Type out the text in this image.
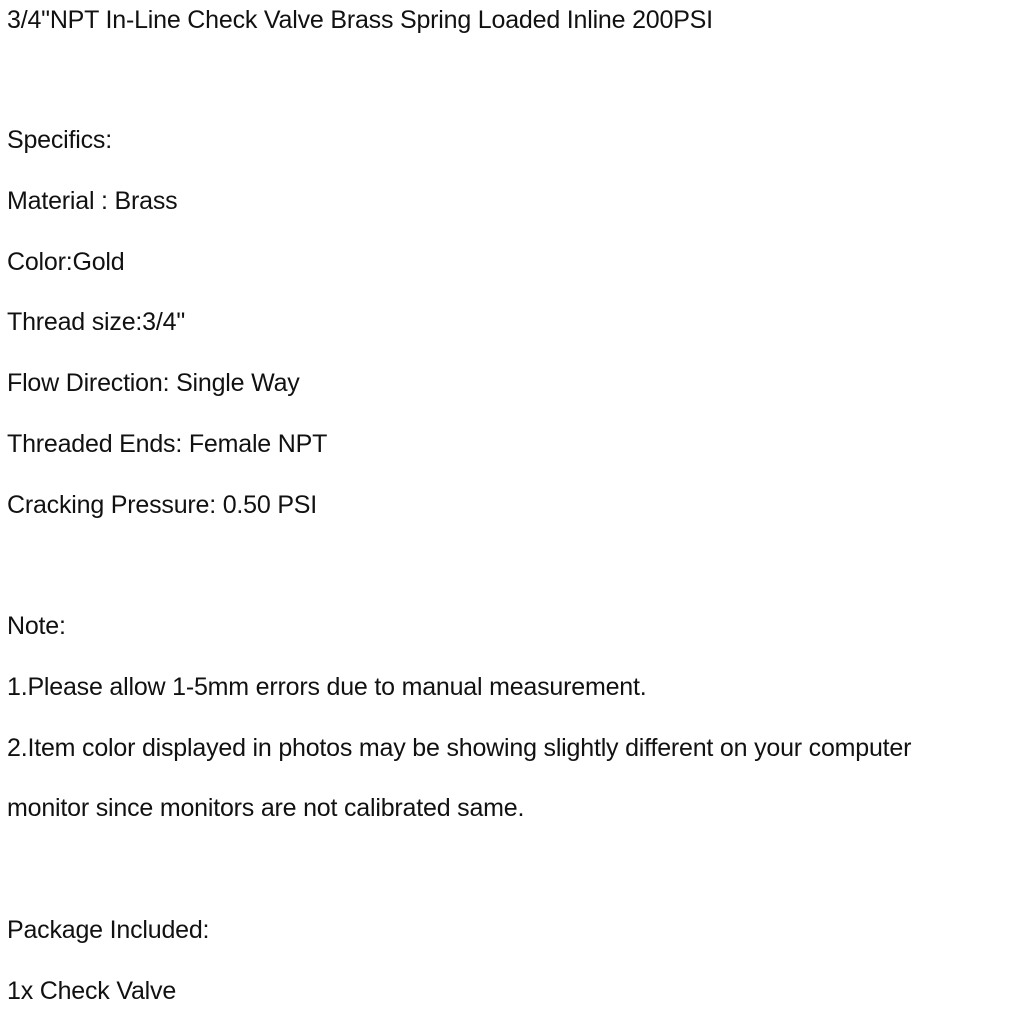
3/4"NPT In-Line Check Valve Brass Spring Loaded Inline 200PSI
Specifics:
Material : Brass
Color:Gold
Thread size:3/4"
Flow Direction: Single Way
Threaded Ends: Female NPT
Cracking Pressure: 0.50 PSI
Note:
1.Please allow 1-5mm errors due to manual measurement.
2.Item color displayed in photos may be showing slightly different on your computer
monitor since monitors are not calibrated same.
Package Included:
1x Check Valve
